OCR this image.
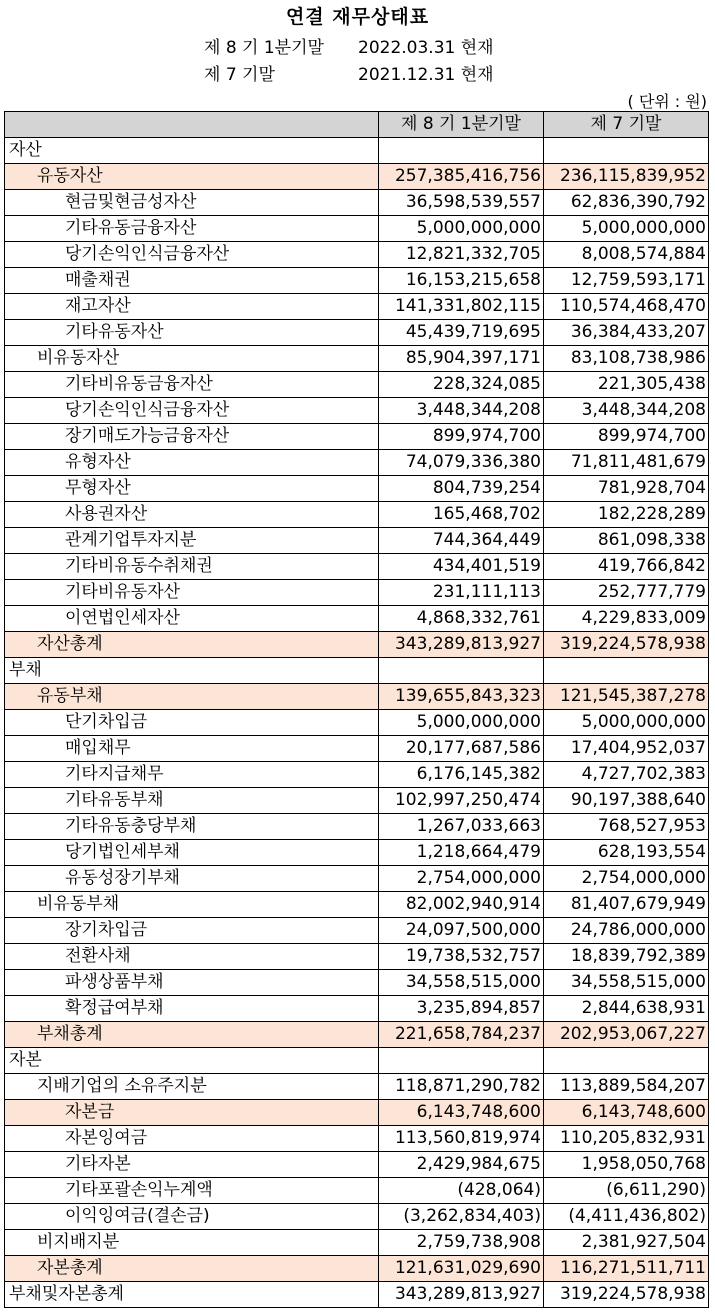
연결 재무상태표
제 8 기 1분기말 2022.03.31 현재
제 7 기말	2021.12.31 현재
( 단위 : 원)
	제 8 기 1분기말	제 7 기말
자산		
유동자산	257,385,416,756	236,115,839,952
현금및현금성자산	36,598,539,557	62,836,390,792
기타유동금융자산	5,000,000,000	5,000,000,000
당기손익인식금융자산	12,821,332,705	8,008,574,884
매출채권	16,153,215,658	12,759,593,171
재고자산	141,331,802,115	110,574,468,470
기타유동자산	45,439,719,695	36,384,433,207
비유동자산	85,904,397,171	83,108,738,986
기타비유동금융자산	228,324,085	221,305,438
당기손익인식금융자산	3,448,344,208	3,448,344,208
장기매도가능금융자산	899,974,700	899,974,700
유형자산	74,079,336,380	71,811,481,679
무형자산	804,739,254	781,928,704
사용권자산	165,468,702	182,228,289
관계기업투자지분	744,364,449	861,098,338
기타비유동수취채권	434,401,519	419,766,842
기타비유동자산	231,111,113	252,777,779
이연법인세자산	4,868,332,761	4,229,833,009
자산총계	343,289,813,927	319,224,578,938
부채		
유동부채	139,655,843,323	121,545,387,278
단기차입금	5,000,000,000	5,000,000,000
매입채무	20,177,687,586	17,404,952,037
기타지급채무	6,176,145,382	4,727,702,383
기타유동부채	102,997,250,474	90,197,388,640
기타유동충당부채	1,267,033,663	768,527,953
당기법인세부채	1,218,664,479	628,193,554
유동성장기부채	2,754,000,000	2,754,000,000
비유동부채	82,002,940,914	81,407,679,949
장기차입금	24,097,500,000	24,786,000,000
전환사채	19,738,532,757	18,839,792,389
파생상품부채	34,558,515,000	34,558,515,000
확정급여부채	3,235,894,857	2,844,638,931
부채총계	221,658,784,237	202,953,067,227
자본		
지배기업의 소유주지분	118,871,290,782	113,889,584,207
자본금	6,143,748,600	6,143,748,600
자본잉여금	113,560,819,974	110,205,832,931
기타자본	2,429,984,675	1,958,050,768
기타포괄손익누계액	(428,064)	(6,611,290)
이익잉여금(결손금)	(3,262,834,403)	(4,411,436,802)
비지배지분	2,759,738,908	2,381,927,504
자본총계	121,631,029,690	116,271,511,711
부채및자본총계	343,289,813,927	319,224,578,938
